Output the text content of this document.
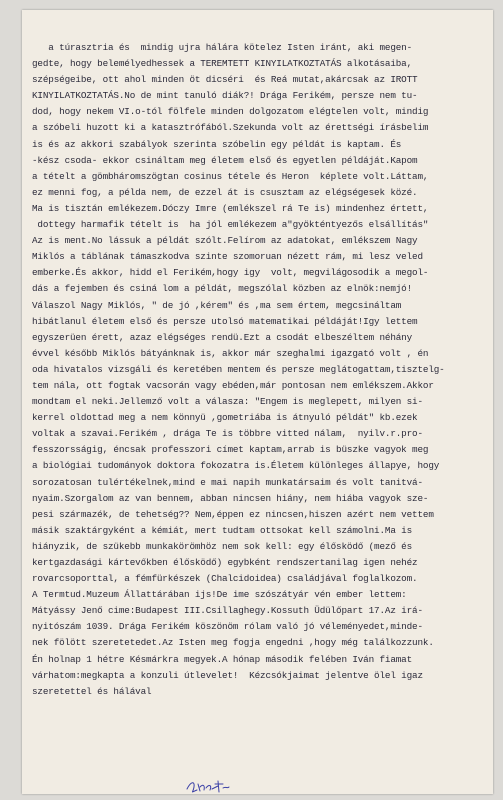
a túrasztria és  mindig ujra hálára kötelez Isten iránt, aki megen-
gedte, hogy belemélyedhessek a TEREMTETT KINYILATKOZTATÁS alkotásaiba,
szépségeibe, ott ahol minden öt dicséri  és Reá mutat,akárcsak az IROTT
KINYILATKOZTATÁS.No de mint tanuló diák?! Drága Ferikém, persze nem tu-
dod, hogy nekem VI.o-tól fölfele minden dolgozatom elégtelen volt, mindig
a szóbeli huzott ki a katasztrófából.Szekunda volt az érettségi írásbelim
is és az akkori szabályok szerinta szóbelin egy példát is kaptam. És
-kész csoda- ekkor csináltam meg életem első és egyetlen példáját.Kapom
a tételt a gömbháromszögtan cosinus tétele és Heron  képlete volt.Láttam,
ez menni fog, a példa nem, de ezzel át is csusztam az elégségesek közé.
Ma is tisztán emlékezem.Dóczy Imre (emlékszel rá Te is) mindenhez értett,
dottegy harmafik tételt is  ha jól emlékezem a"gyökténtyezős elsállítás"
Az is ment.No lássuk a példát szólt.Felírom az adatokat, emlékszem Nagy
Miklós a táblának támaszkodva szinte szomoruan nézett rám, mi lesz veled
emberke.És akkor, hidd el Ferikém,hogy igy  volt, megvilágosodik a megol-
dás a fejemben és csiná lom a példát, megszólal közben az elnök:nemjó!
Válaszol Nagy Miklós, " de jó ,kérem" és ,ma sem értem, megcsináltam
hibátlanul életem első és persze utolsó matematikai példáját!Igy lettem
egyszerüen érett, azaz elégséges rendü.Ezt a csodát elbeszéltem néhány
évvel később Miklós bátyánknak is, akkor már szeghalmi igazgató volt , én
oda hivatalos vizsgáli és keretében mentem és persze meglátogattam,tisztelg-
tem nála, ott fogtak vacsorán vagy ebéden,már pontosan nem emlékszem.Akkor
mondtam el neki.Jellemző volt a válasza: "Engem is meglepett, milyen si-
kerrel oldottad meg a nem könnyü ,gometriába is átnyuló példát" kb.ezek
voltak a szavai.Ferikém , drága Te is többre vitted nálam,  nyilv.r.pro-
fesszorsságig, éncsak professzori címet kaptam,arrab is büszke vagyok meg
a biológiai tudományok doktora fokozatra is.Életem különleges állapye, hogy
sorozatosan tulértékelnek,mind e mai napih munkatársaim és volt tanitvá-
nyaim.Szorgalom az van bennem, abban nincsen hiány, nem hiába vagyok sze-
pesi származék, de tehetség?? Nem,éppen ez nincsen,hiszen azért nem vettem
másik szaktárgyként a kémiát, mert tudtam ottsokat kell számolni.Ma is
hiányzik, de szükebb munkakörömhöz nem sok kell: egy élősködő (mező és
kertgazdasági kártevőkben élősködő) egybként rendszertanilag igen nehéz
rovarcsoporttal, a fémfürkészek (Chalcidoidea) családjával foglalkozom.
A Termtud.Muzeum Állattárában ijs!De ime szószátyár vén ember lettem:
Mátyássy Jenő cime:Budapest III.Csillaghegy.Kossuth Üdülőpart 17.Az irá-
nyitószám 1039. Drága Ferikém köszönöm rólam való jó véleményedet,minde-
nek fölött szeretetedet.Az Isten meg fogja engedni ,hogy még találkozzunk.
Én holnap 1 hétre Késmárkra megyek.A hónap második felében Iván fiamat
várhatom:megkapta a konzuli útlevelet!  Kézcsókjaimat jelentve ölel igaz
szeretettel és hálával
